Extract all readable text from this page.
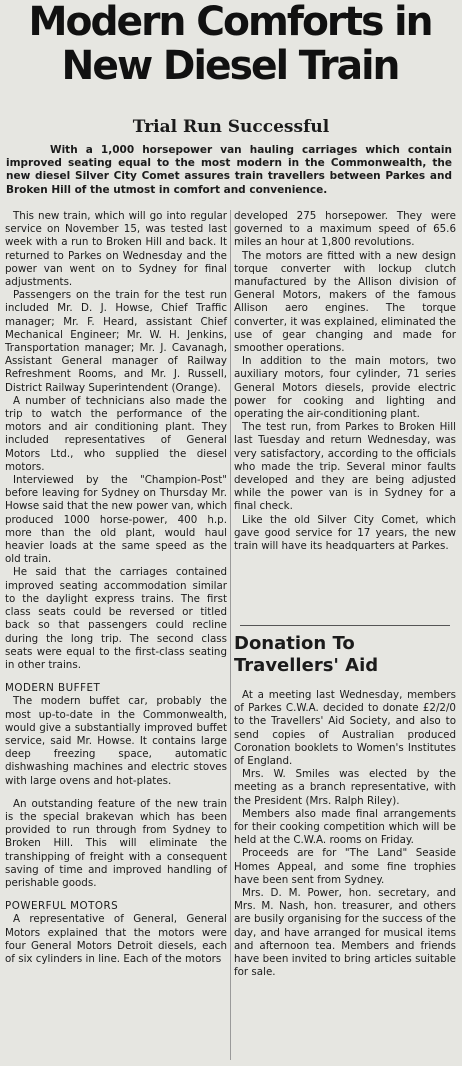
Modern Comforts in
New Diesel Train
Trial Run Successful

With a 1,000 horsepower van hauling carriages which contain improved seating equal to the most modern in the Commonwealth, the new diesel Silver City Comet assures train travellers between Parkes and Broken Hill of the utmost in comfort and convenience.

This new train, which will go into regular service on November 15, was tested last week with a run to Broken Hill and back. It returned to Parkes on Wednesday and the power van went on to Sydney for final adjustments.

Passengers on the train for the test run included Mr. D. J. Howse, Chief Traffic manager; Mr. F. Heard, assistant Chief Mechanical Engineer; Mr. W. H. Jenkins, Transportation manager; Mr. J. Cavanagh, Assistant General manager of Railway Refreshment Rooms, and Mr. J. Russell, District Railway Superintendent (Orange).

A number of technicians also made the trip to watch the performance of the motors and air conditioning plant. They included representatives of General Motors Ltd., who supplied the diesel motors.

Interviewed by the "Champion-Post" before leaving for Sydney on Thursday Mr. Howse said that the new power van, which produced 1000 horse-power, 400 h.p. more than the old plant, would haul heavier loads at the same speed as the old train.

He said that the carriages contained improved seating accommodation similar to the daylight express trains. The first class seats could be reversed or titled back so that passengers could recline during the long trip. The second class seats were equal to the first-class seating in other trains.

MODERN BUFFET

The modern buffet car, probably the most up-to-date in the Commonwealth, would give a substantially improved buffet service, said Mr. Howse. It contains large deep freezing space, automatic dishwashing machines and electric stoves with large ovens and hot-plates.

An outstanding feature of the new train is the special brakevan which has been provided to run through from Sydney to Broken Hill. This will eliminate the transhipping of freight with a consequent saving of time and improved handling of perishable goods.

POWERFUL MOTORS

A representative of General, General Motors explained that the motors were four General Motors Detroit diesels, each of six cylinders in line. Each of the motors

developed 275 horsepower. They were governed to a maximum speed of 65.6 miles an hour at 1,800 revolutions.

The motors are fitted with a new design torque converter with lockup clutch manufactured by the Allison division of General Motors, makers of the famous Allison aero engines. The torque converter, it was explained, eliminated the use of gear changing and made for smoother operations.

In addition to the main motors, two auxiliary motors, four cylinder, 71 series General Motors diesels, provide electric power for cooking and lighting and operating the air-conditioning plant.

The test run, from Parkes to Broken Hill last Tuesday and return Wednesday, was very satisfactory, according to the officials who made the trip. Several minor faults developed and they are being adjusted while the power van is in Sydney for a final check.

Like the old Silver City Comet, which gave good service for 17 years, the new train will have its headquarters at Parkes.

Donation To
Travellers' Aid

At a meeting last Wednesday, members of Parkes C.W.A. decided to donate £2/2/0 to the Travellers' Aid Society, and also to send copies of Australian produced Coronation booklets to Women's Institutes of England.

Mrs. W. Smiles was elected by the meeting as a branch representative, with the President (Mrs. Ralph Riley).

Members also made final arrangements for their cooking competition which will be held at the C.W.A. rooms on Friday.

Proceeds are for "The Land" Seaside Homes Appeal, and some fine trophies have been sent from Sydney.

Mrs. D. M. Power, hon. secretary, and Mrs. M. Nash, hon. treasurer, and others are busily organising for the success of the day, and have arranged for musical items and afternoon tea. Members and friends have been invited to bring articles suitable for sale.
